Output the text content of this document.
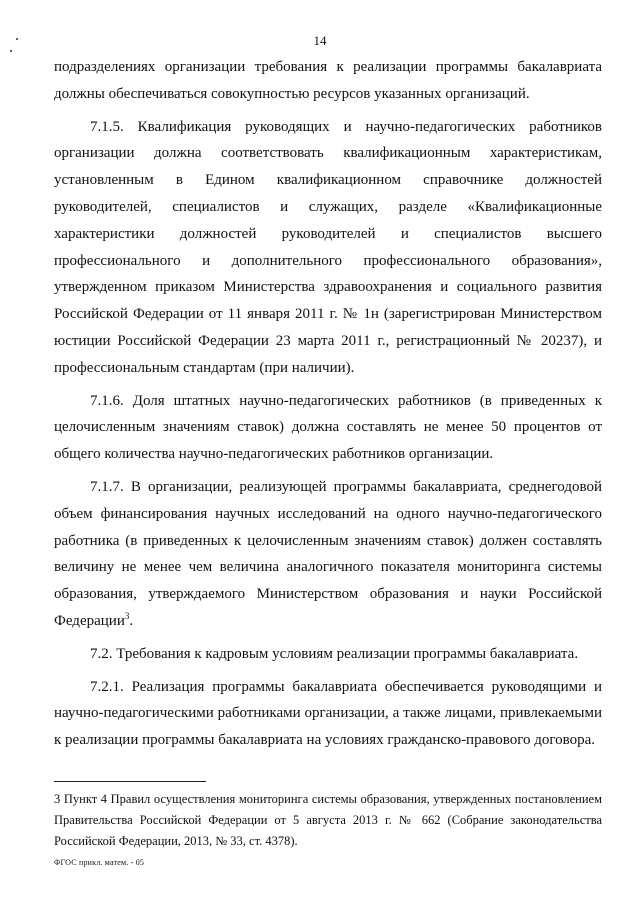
14

подразделениях организации требования к реализации программы бакалавриата должны обеспечиваться совокупностью ресурсов указанных организаций.

7.1.5. Квалификация руководящих и научно-педагогических работников организации должна соответствовать квалификационным характеристикам, установленным в Едином квалификационном справочнике должностей руководителей, специалистов и служащих, разделе «Квалификационные характеристики должностей руководителей и специалистов высшего профессионального и дополнительного профессионального образования», утвержденном приказом Министерства здравоохранения и социального развития Российской Федерации от 11 января 2011 г. № 1н (зарегистрирован Министерством юстиции Российской Федерации 23 марта 2011 г., регистрационный № 20237), и профессиональным стандартам (при наличии).

7.1.6. Доля штатных научно-педагогических работников (в приведенных к целочисленным значениям ставок) должна составлять не менее 50 процентов от общего количества научно-педагогических работников организации.

7.1.7. В организации, реализующей программы бакалавриата, среднегодовой объем финансирования научных исследований на одного научно-педагогического работника (в приведенных к целочисленным значениям ставок) должен составлять величину не менее чем величина аналогичного показателя мониторинга системы образования, утверждаемого Министерством образования и науки Российской Федерации$^3$.

7.2. Требования к кадровым условиям реализации программы бакалавриата.

7.2.1. Реализация программы бакалавриата обеспечивается руководящими и научно-педагогическими работниками организации, а также лицами, привлекаемыми к реализации программы бакалавриата на условиях гражданско-правового договора.

3 Пункт 4 Правил осуществления мониторинга системы образования, утвержденных постановлением Правительства Российской Федерации от 5 августа 2013 г. № 662 (Собрание законодательства Российской Федерации, 2013, № 33, ст. 4378).
ФГОС прикл. матем. - 05
